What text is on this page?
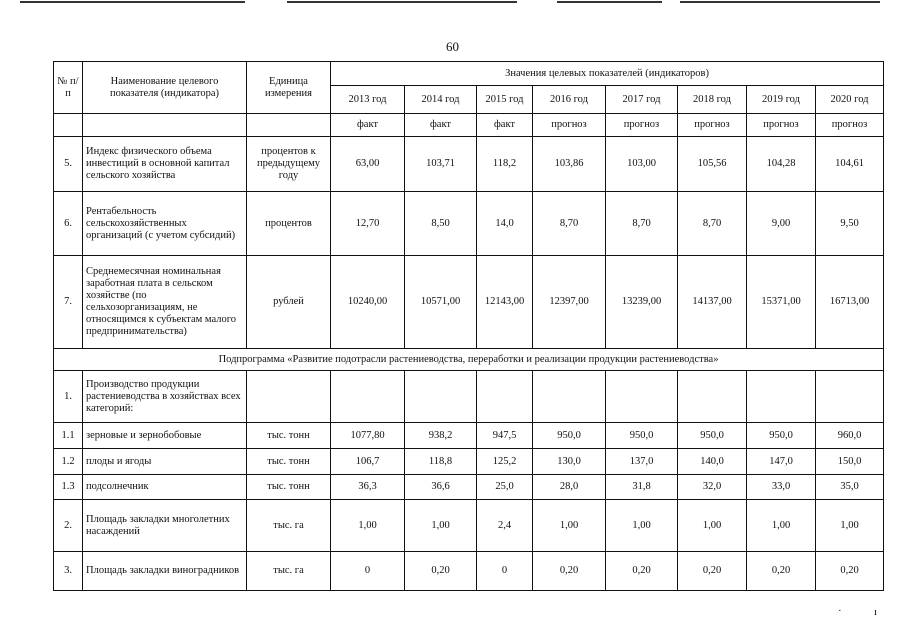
60
№ п/п	Наименование целевого показателя (индикатора)	Единица измерения	Значения целевых показателей (индикаторов)							
			2013 год	2014 год	2015 год	2016 год	2017 год	2018 год	2019 год	2020 год
			факт	факт	факт	прогноз	прогноз	прогноз	прогноз	прогноз
5.	Индекс физического объема инвестиций в основной капитал сельского хозяйства	процентов к предыдущему году	63,00	103,71	118,2	103,86	103,00	105,56	104,28	104,61
6.	Рентабельность сельскохозяйственных организаций (с учетом субсидий)	процентов	12,70	8,50	14,0	8,70	8,70	8,70	9,00	9,50
7.	Среднемесячная номинальная заработная плата в сельском хозяйстве (по сельхозорганизациям, не относящимся к субъектам малого предпринимательства)	рублей	10240,00	10571,00	12143,00	12397,00	13239,00	14137,00	15371,00	16713,00
Подпрограмма «Развитие подотрасли растениеводства, переработки и реализации продукции растениеводства»										
1.	Производство продукции растениеводства в хозяйствах всех категорий:									
1.1	зерновые и зернобобовые	тыс. тонн	1077,80	938,2	947,5	950,0	950,0	950,0	950,0	960,0
1.2	плоды и ягоды	тыс. тонн	106,7	118,8	125,2	130,0	137,0	140,0	147,0	150,0
1.3	подсолнечник	тыс. тонн	36,3	36,6	25,0	28,0	31,8	32,0	33,0	35,0
2.	Площадь закладки многолетних насаждений	тыс. га	1,00	1,00	2,4	1,00	1,00	1,00	1,00	1,00
3.	Площадь закладки виноградников	тыс. га	0	0,20	0	0,20	0,20	0,20	0,20	0,20
·	ı
